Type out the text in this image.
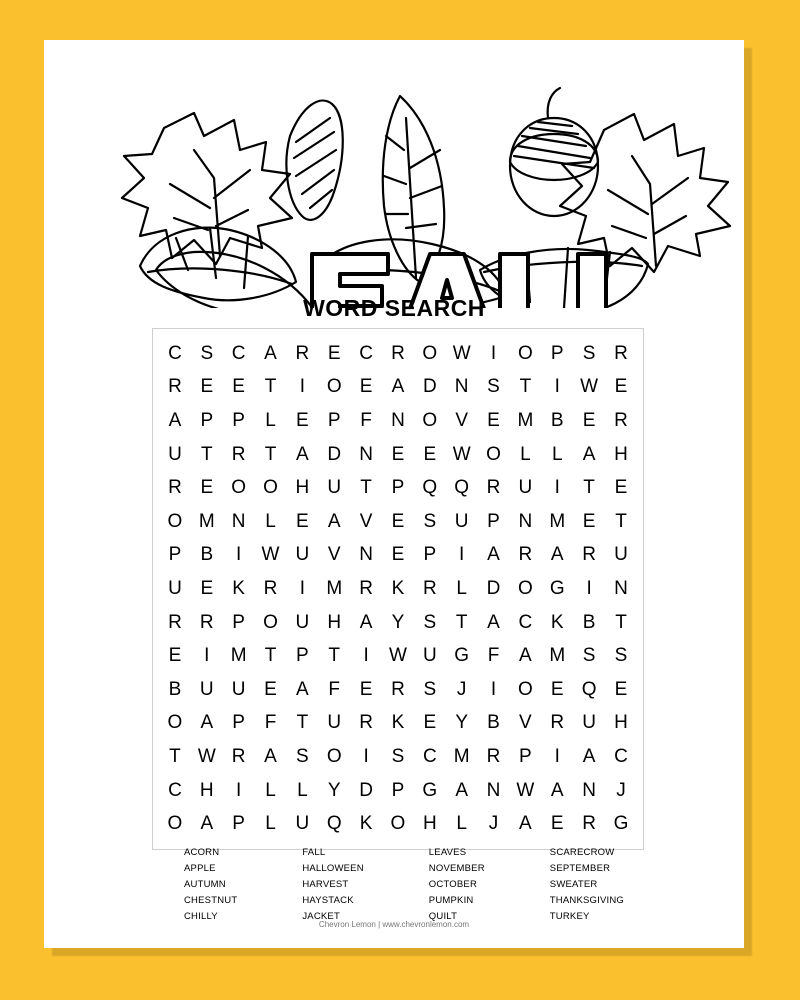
WORD SEARCH
C	S	C	A	R	E	C	R	O	W	I	O	P	S	R
R	E	E	T	I	O	E	A	D	N	S	T	I	W	E
A	P	P	L	E	P	F	N	O	V	E	M	B	E	R
U	T	R	T	A	D	N	E	E	W	O	L	L	A	H
R	E	O	O	H	U	T	P	Q	Q	R	U	I	T	E
O	M	N	L	E	A	V	E	S	U	P	N	M	E	T
P	B	I	W	U	V	N	E	P	I	A	R	A	R	U
U	E	K	R	I	M	R	K	R	L	D	O	G	I	N
R	R	P	O	U	H	A	Y	S	T	A	C	K	B	T
E	I	M	T	P	T	I	W	U	G	F	A	M	S	S
B	U	U	E	A	F	E	R	S	J	I	O	E	Q	E
O	A	P	F	T	U	R	K	E	Y	B	V	R	U	H
T	W	R	A	S	O	I	S	C	M	R	P	I	A	C
C	H	I	L	L	Y	D	P	G	A	N	W	A	N	J
O	A	P	L	U	Q	K	O	H	L	J	A	E	R	G
ACORN
APPLE
AUTUMN
CHESTNUT
CHILLY
FALL
HALLOWEEN
HARVEST
HAYSTACK
JACKET
LEAVES
NOVEMBER
OCTOBER
PUMPKIN
QUILT
SCARECROW
SEPTEMBER
SWEATER
THANKSGIVING
TURKEY
Chevron Lemon | www.chevronlemon.com
